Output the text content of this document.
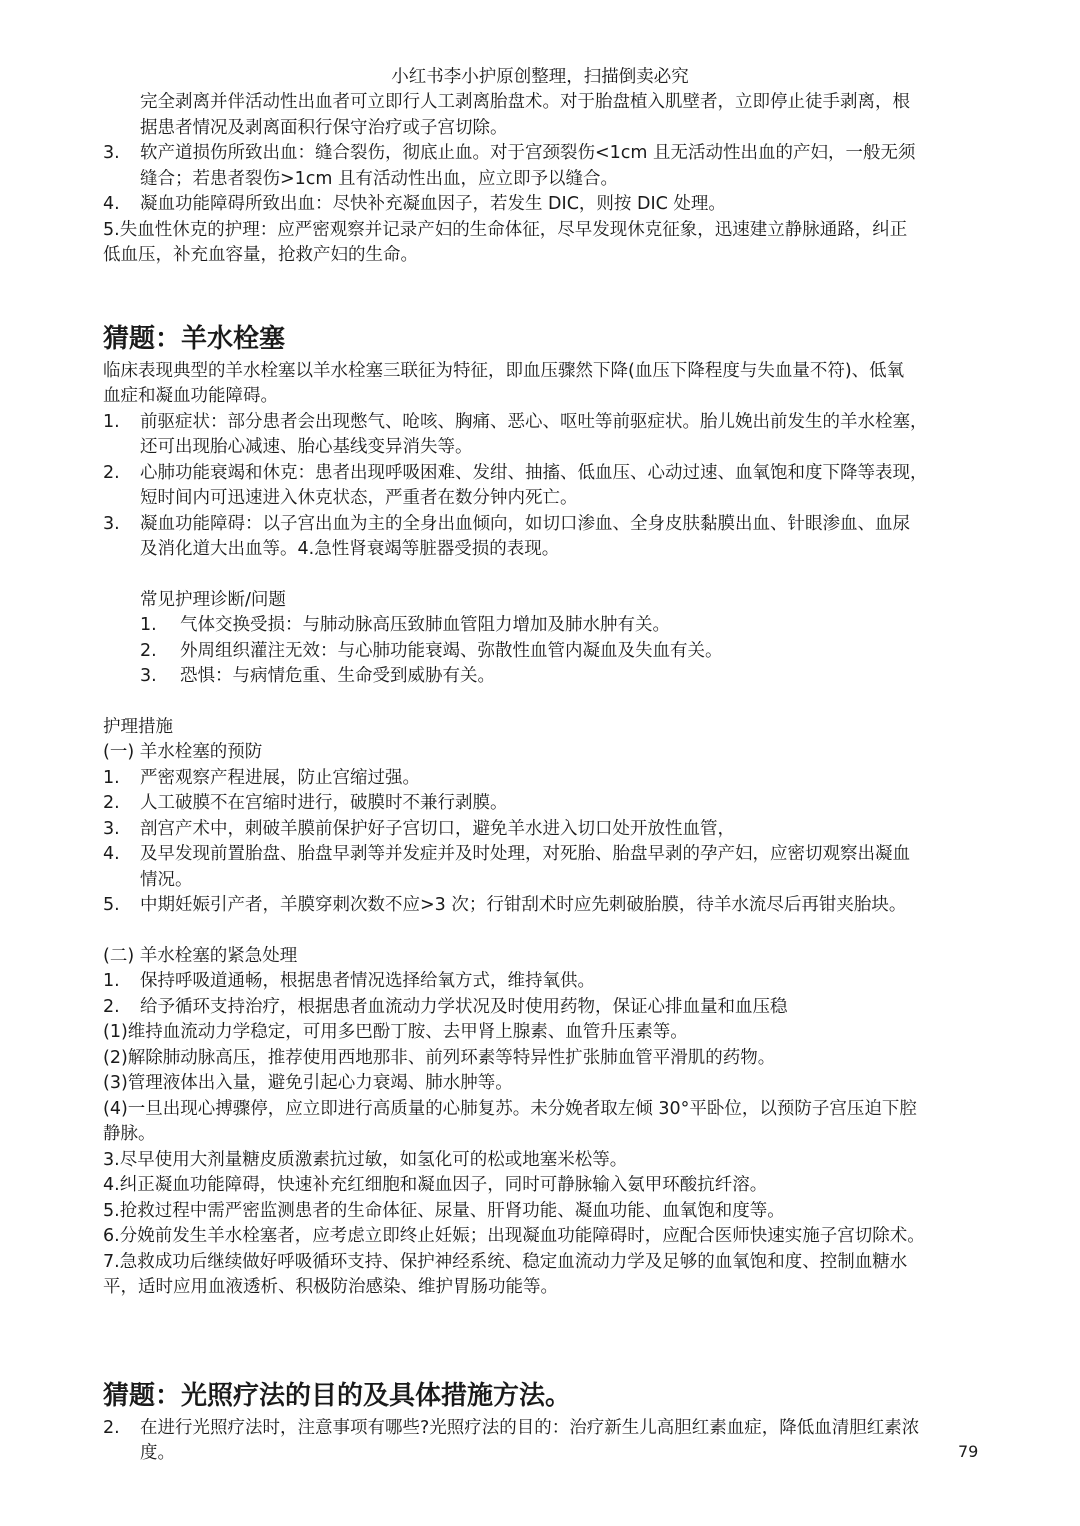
小红书李小护原创整理，扫描倒卖必究
完全剥离并伴活动性出血者可立即行人工剥离胎盘术。对于胎盘植入肌壁者，立即停止徒手剥离，根
据患者情况及剥离面积行保守治疗或子宫切除。
3. 软产道损伤所致出血：缝合裂伤，彻底止血。对于宫颈裂伤<1cm 且无活动性出血的产妇，一般无须
缝合；若患者裂伤>1cm 且有活动性出血，应立即予以缝合。
4. 凝血功能障碍所致出血：尽快补充凝血因子，若发生 DIC，则按 DIC 处理。
5.失血性休克的护理：应严密观察并记录产妇的生命体征，尽早发现休克征象，迅速建立静脉通路，纠正
低血压，补充血容量，抢救产妇的生命。
猜题：羊水栓塞
临床表现典型的羊水栓塞以羊水栓塞三联征为特征，即血压骤然下降(血压下降程度与失血量不符)、低氧
血症和凝血功能障碍。
1. 前驱症状：部分患者会出现憋气、呛咳、胸痛、恶心、呕吐等前驱症状。胎儿娩出前发生的羊水栓塞，
还可出现胎心减速、胎心基线变异消失等。
2. 心肺功能衰竭和休克：患者出现呼吸困难、发绀、抽搐、低血压、心动过速、血氧饱和度下降等表现，
短时间内可迅速进入休克状态，严重者在数分钟内死亡。
3. 凝血功能障碍：以子宫出血为主的全身出血倾向，如切口渗血、全身皮肤黏膜出血、针眼渗血、血尿
及消化道大出血等。4.急性肾衰竭等脏器受损的表现。
常见护理诊断/问题
1. 气体交换受损：与肺动脉高压致肺血管阻力增加及肺水肿有关。
2. 外周组织灌注无效：与心肺功能衰竭、弥散性血管内凝血及失血有关。
3. 恐惧：与病情危重、生命受到威胁有关。
护理措施
(一) 羊水栓塞的预防
1. 严密观察产程进展，防止宫缩过强。
2. 人工破膜不在宫缩时进行，破膜时不兼行剥膜。
3. 剖宫产术中，刺破羊膜前保护好子宫切口，避免羊水进入切口处开放性血管，
4. 及早发现前置胎盘、胎盘早剥等并发症并及时处理，对死胎、胎盘早剥的孕产妇，应密切观察出凝血
情况。
5. 中期妊娠引产者，羊膜穿刺次数不应>3 次；行钳刮术时应先刺破胎膜，待羊水流尽后再钳夹胎块。
(二) 羊水栓塞的紧急处理
1. 保持呼吸道通畅，根据患者情况选择给氧方式，维持氧供。
2. 给予循环支持治疗，根据患者血流动力学状况及时使用药物，保证心排血量和血压稳
(1)维持血流动力学稳定，可用多巴酚丁胺、去甲肾上腺素、血管升压素等。
(2)解除肺动脉高压，推荐使用西地那非、前列环素等特异性扩张肺血管平滑肌的药物。
(3)管理液体出入量，避免引起心力衰竭、肺水肿等。
(4)一旦出现心搏骤停，应立即进行高质量的心肺复苏。未分娩者取左倾 30°平卧位，以预防子宫压迫下腔
静脉。
3.尽早使用大剂量糖皮质激素抗过敏，如氢化可的松或地塞米松等。
4.纠正凝血功能障碍，快速补充红细胞和凝血因子，同时可静脉输入氨甲环酸抗纤溶。
5.抢救过程中需严密监测患者的生命体征、尿量、肝肾功能、凝血功能、血氧饱和度等。
6.分娩前发生羊水栓塞者，应考虑立即终止妊娠；出现凝血功能障碍时，应配合医师快速实施子宫切除术。
7.急救成功后继续做好呼吸循环支持、保护神经系统、稳定血流动力学及足够的血氧饱和度、控制血糖水
平，适时应用血液透析、积极防治感染、维护胃肠功能等。
猜题：光照疗法的目的及具体措施方法。
2. 在进行光照疗法时，注意事项有哪些?光照疗法的目的：治疗新生儿高胆红素血症，降低血清胆红素浓
度。	79
